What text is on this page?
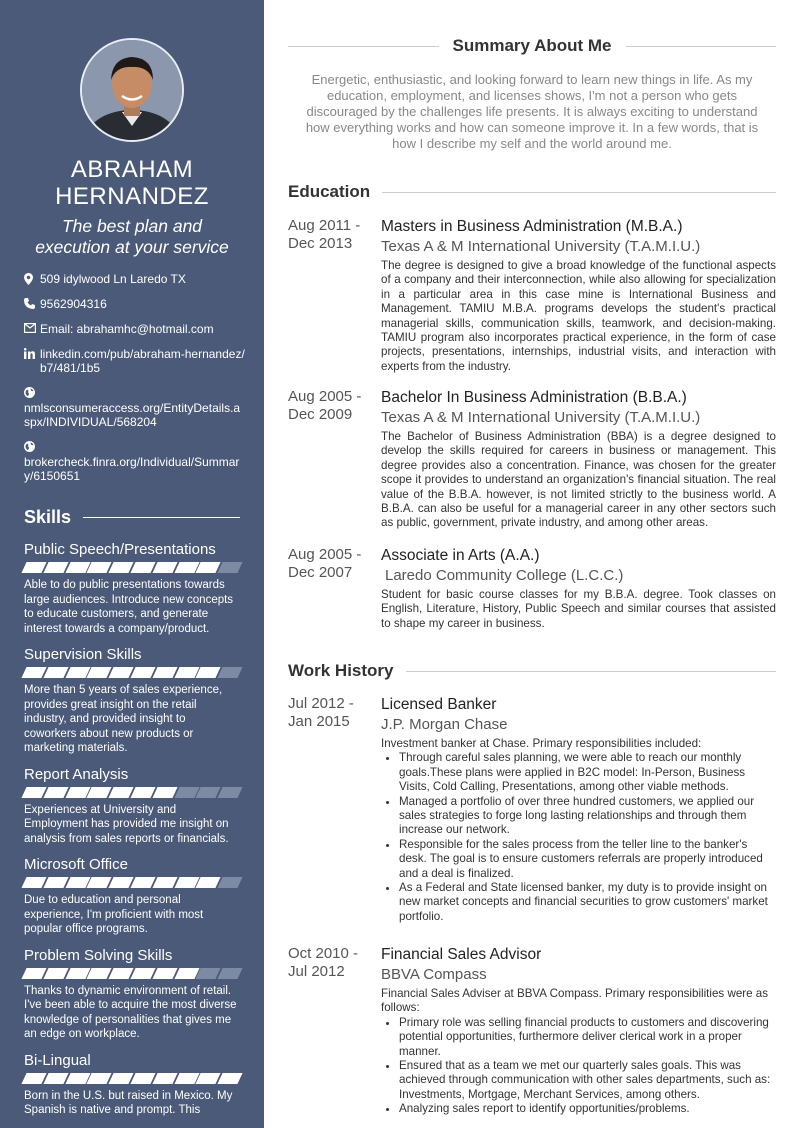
ABRAHAM
HERNANDEZ
The best plan and
execution at your service
509 idylwood Ln Laredo TX
9562904316
Email: abrahamhc@hotmail.com
linkedin.com/pub/abraham-hernandez/b7/481/1b5
nmlsconsumeraccess.org/EntityDetails.aspx/INDIVIDUAL/568204
brokercheck.finra.org/Individual/Summary/6150651
Skills
Public Speech/Presentations
Able to do public presentations towards large audiences. Introduce new concepts to educate customers, and generate interest towards a company/product.
Supervision Skills
More than 5 years of sales experience, provides great insight on the retail industry, and provided insight to coworkers about new products or marketing materials.
Report Analysis
Experiences at University and Employment has provided me insight on analysis from sales reports or financials.
Microsoft Office
Due to education and personal experience, I'm proficient with most popular office programs.
Problem Solving Skills
Thanks to dynamic environment of retail. I've been able to acquire the most diverse knowledge of personalities that gives me an edge on workplace.
Bi-Lingual
Born in the U.S. but raised in Mexico. My Spanish is native and prompt. This
Summary About Me
Energetic, enthusiastic, and looking forward to learn new things in life. As my education, employment, and licenses shows, I'm not a person who gets discouraged by the challenges life presents. It is always exciting to understand how everything works and how can someone improve it. In a few words, that is how I describe my self and the world around me.
Education
Aug 2011 -
Dec 2013
Masters in Business Administration (M.B.A.)
Texas A & M International University (T.A.M.I.U.)
The degree is designed to give a broad knowledge of the functional aspects of a company and their interconnection, while also allowing for specialization in a particular area in this case mine is International Business and Management. TAMIU M.B.A. programs develops the student's practical managerial skills, communication skills, teamwork, and decision-making. TAMIU program also incorporates practical experience, in the form of case projects, presentations, internships, industrial visits, and interaction with experts from the industry.
Aug 2005 -
Dec 2009
Bachelor In Business Administration (B.B.A.)
Texas A & M International University (T.A.M.I.U.)
The Bachelor of Business Administration (BBA) is a degree designed to develop the skills required for careers in business or management. This degree provides also a concentration. Finance, was chosen for the greater scope it provides to understand an organization's financial situation. The real value of the B.B.A. however, is not limited strictly to the business world. A B.B.A. can also be useful for a managerial career in any other sectors such as public, government, private industry, and among other areas.
Aug 2005 -
Dec 2007
Associate in Arts (A.A.)
Laredo Community College (L.C.C.)
Student for basic course classes for my B.B.A. degree. Took classes on English, Literature, History, Public Speech and similar courses that assisted to shape my career in business.
Work History
Jul 2012 -
Jan 2015
Licensed Banker
J.P. Morgan Chase
Investment banker at Chase. Primary responsibilities included:
• Through careful sales planning, we were able to reach our monthly goals.These plans were applied in B2C model: In-Person, Business Visits, Cold Calling, Presentations, among other viable methods.
• Managed a portfolio of over three hundred customers, we applied our sales strategies to forge long lasting relationships and through them increase our network.
• Responsible for the sales process from the teller line to the banker's desk. The goal is to ensure customers referrals are properly introduced and a deal is finalized.
• As a Federal and State licensed banker, my duty is to provide insight on new market concepts and financial securities to grow customers' market portfolio.
Oct 2010 -
Jul 2012
Financial Sales Advisor
BBVA Compass
Financial Sales Adviser at BBVA Compass. Primary responsibilities were as follows:
• Primary role was selling financial products to customers and discovering potential opportunities, furthermore deliver clerical work in a proper manner.
• Ensured that as a team we met our quarterly sales goals. This was achieved through communication with other sales departments, such as: Investments, Mortgage, Merchant Services, among others.
• Analyzing sales report to identify opportunities/problems.
